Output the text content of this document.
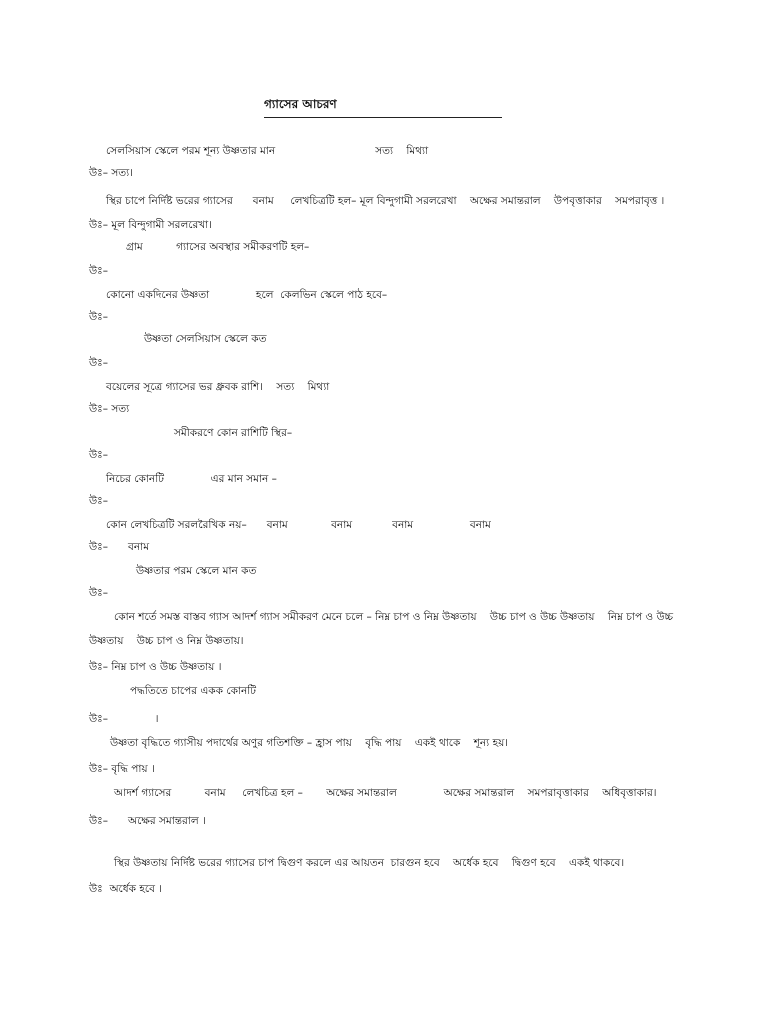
গ্যাসের আচরণ
সেলসিয়াস স্কেলে পরম শূন্য উষ্ণতার মান                              সত্য    মিথ্যা
উঃ– সত্য।
স্থির চাপে নির্দিষ্ট ভরের গ্যাসের      বনাম     লেখচিত্রটি হল– মূল বিন্দুগামী সরলরেখা    অক্ষের সমান্তরাল    উপবৃত্তাকার    সমপরাবৃত্ত ।
উঃ– মূল বিন্দুগামী সরলরেখা।
গ্রাম          গ্যাসের অবস্থার সমীকরণটি হল–
উঃ–
কোনো একদিনের উষ্ণতা              হলে  কেলভিন স্কেলে পাঠ হবে–
উঃ–
উষ্ণতা সেলসিয়াস স্কেলে কত
উঃ–
বয়েলের সূত্রে গ্যাসের ভর ধ্রুবক রাশি।    সত্য    মিথ্যা
উঃ– সত্য
সমীকরণে কোন রাশিটি স্থির–
উঃ–
নিচের কোনটি              এর মান সমান –
উঃ–
কোন লেখচিত্রটি সরলরৈখিক নয়–      বনাম             বনাম            বনাম                 বনাম
উঃ–      বনাম
উষ্ণতার পরম স্কেলে মান কত
উঃ–
কোন শর্তে সমস্ত বাস্তব গ্যাস আদর্শ গ্যাস সমীকরণ মেনে চলে – নিম্ন চাপ ও নিম্ন উষ্ণতায়    উচ্চ চাপ ও উচ্চ উষ্ণতায়    নিম্ন চাপ ও উচ্চ
উষ্ণতায়    উচ্চ চাপ ও নিম্ন উষ্ণতায়।
উঃ– নিম্ন চাপ ও উচ্চ উষ্ণতায় ।
পদ্ধতিতে চাপের একক কোনটি
উঃ–              ।
উষ্ণতা বৃদ্ধিতে গ্যাসীয় পদার্থের অণুর গতিশক্তি – হ্রাস পায়    বৃদ্ধি পায়    একই থাকে    শূন্য হয়।
উঃ– বৃদ্ধি পায় ।
আদর্শ গ্যাসের          বনাম     লেখচিত্র হল –       অক্ষের সমান্তরাল              অক্ষের সমান্তরাল    সমপরাবৃত্তাকার    অধিবৃত্তাকার।
উঃ–      অক্ষের সমান্তরাল ।
স্থির উষ্ণতায় নির্দিষ্ট ভরের গ্যাসের চাপ দ্বিগুণ করলে এর আয়তন  চারগুন হবে    অর্ধেক হবে    দ্বিগুণ হবে    একই থাকবে।
উঃ  অর্ধেক হবে ।
